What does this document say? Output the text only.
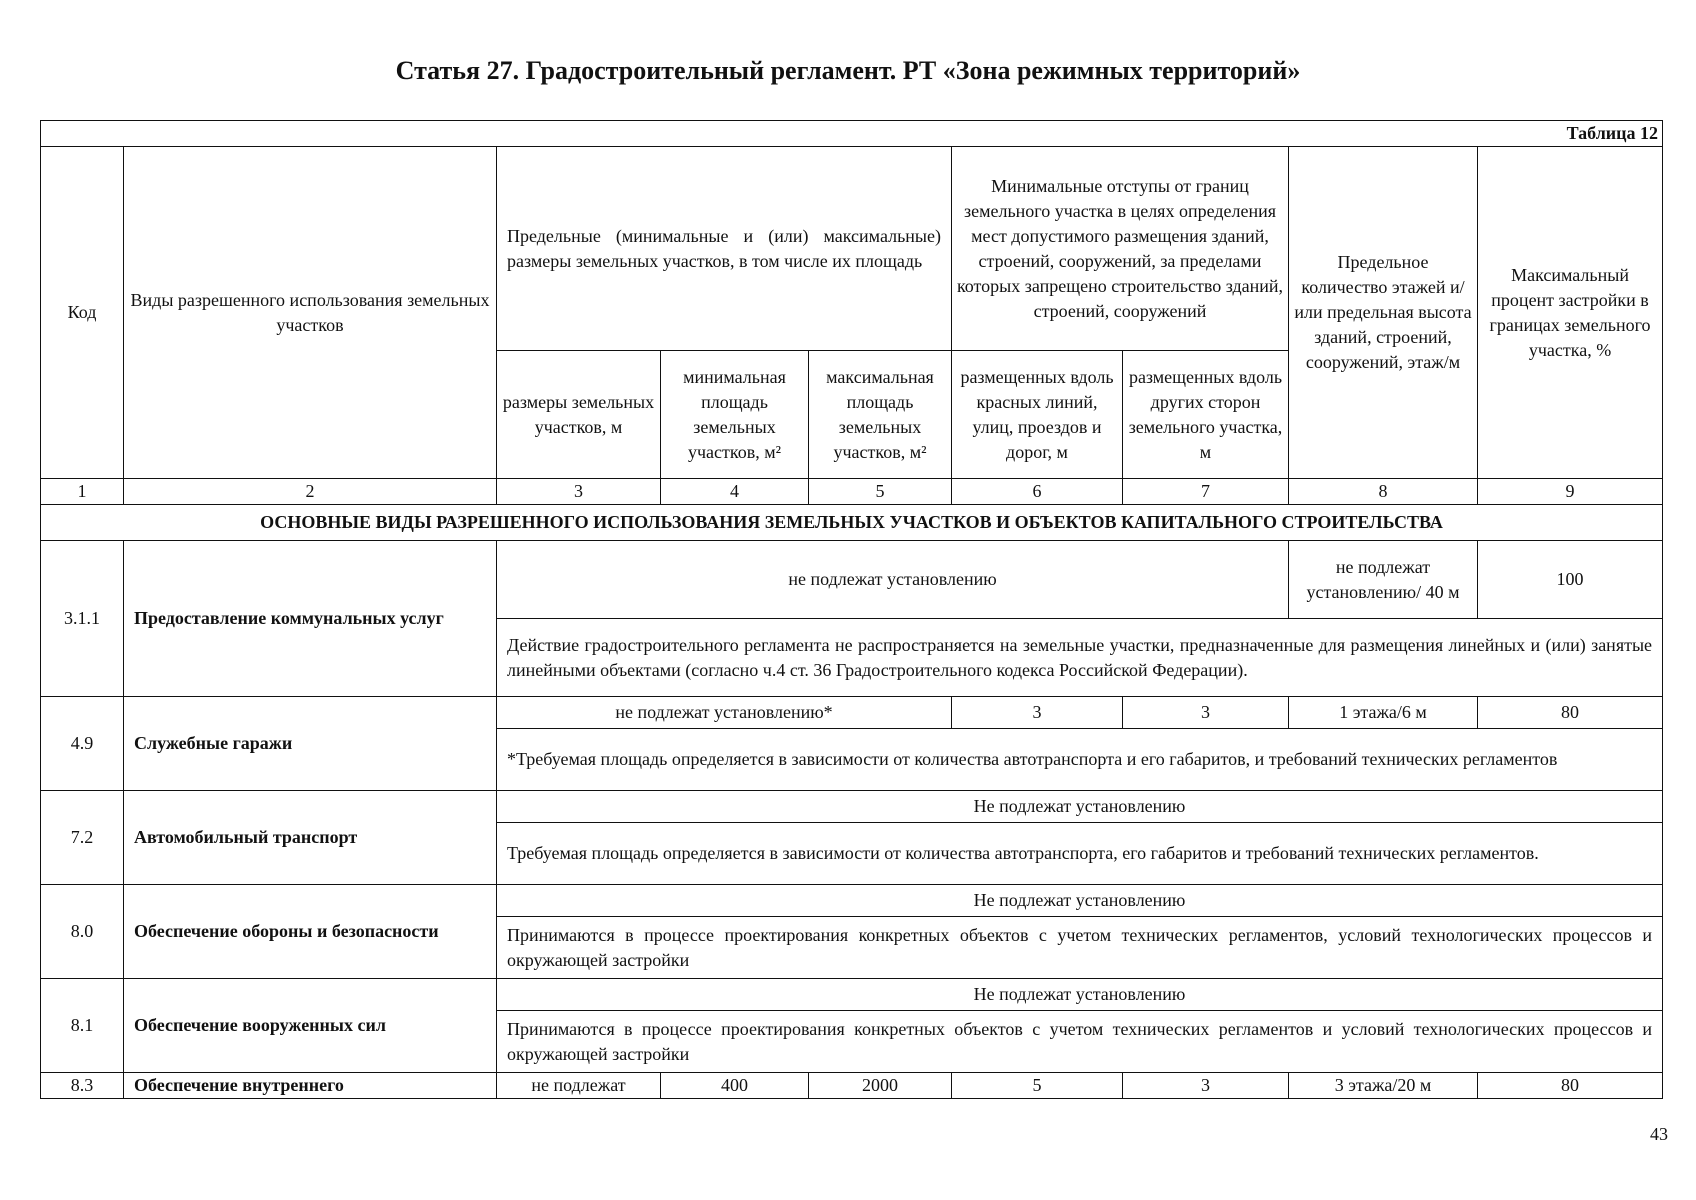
Статья 27. Градостроительный регламент. РТ «Зона режимных территорий»
Таблица 12								
Код	Виды разрешенного использования земельных участков	Предельные (минимальные и (или) максимальные) размеры земельных участков, в том числе их площадь			Минимальные отступы от границ земельного участка в целях определения мест допустимого размещения зданий, строений, сооружений, за пределами которых запрещено строительство зданий, строений, сооружений		Предельное количество этажей и/или предельная высота зданий, строений, сооружений, этаж/м	Максимальный процент застройки в границах земельного участка, %
		размеры земельных участков, м	минимальная площадь земельных участков, м²	максимальная площадь земельных участков, м²	размещенных вдоль красных линий, улиц, проездов и дорог, м	размещенных вдоль других сторон земельного участка, м		
1	2	3	4	5	6	7	8	9
ОСНОВНЫЕ ВИДЫ РАЗРЕШЕННОГО ИСПОЛЬЗОВАНИЯ ЗЕМЕЛЬНЫХ УЧАСТКОВ И ОБЪЕКТОВ КАПИТАЛЬНОГО СТРОИТЕЛЬСТВА								
3.1.1	Предоставление коммунальных услуг	не подлежат установлению					не подлежат установлению/ 40 м	100
		Действие градостроительного регламента не распространяется на земельные участки, предназначенные для размещения линейных и (или) занятые линейными объектами (согласно ч.4 ст. 36 Градостроительного кодекса Российской Федерации).						
4.9	Служебные гаражи	не подлежат установлению*			3	3	1 этажа/6 м	80
		*Требуемая площадь определяется в зависимости от количества автотранспорта и его габаритов, и требований технических регламентов						
7.2	Автомобильный транспорт	Не подлежат установлению						
		Требуемая площадь определяется в зависимости от количества автотранспорта, его габаритов и требований технических регламентов.						
8.0	Обеспечение обороны и безопасности	Не подлежат установлению						
		Принимаются в процессе проектирования конкретных объектов с учетом технических регламентов, условий технологических процессов и окружающей застройки						
8.1	Обеспечение вооруженных сил	Не подлежат установлению						
		Принимаются в процессе проектирования конкретных объектов с учетом технических регламентов и условий технологических процессов и окружающей застройки						
8.3	Обеспечение внутреннего	не подлежат	400	2000	5	3	3 этажа/20 м	80
43
